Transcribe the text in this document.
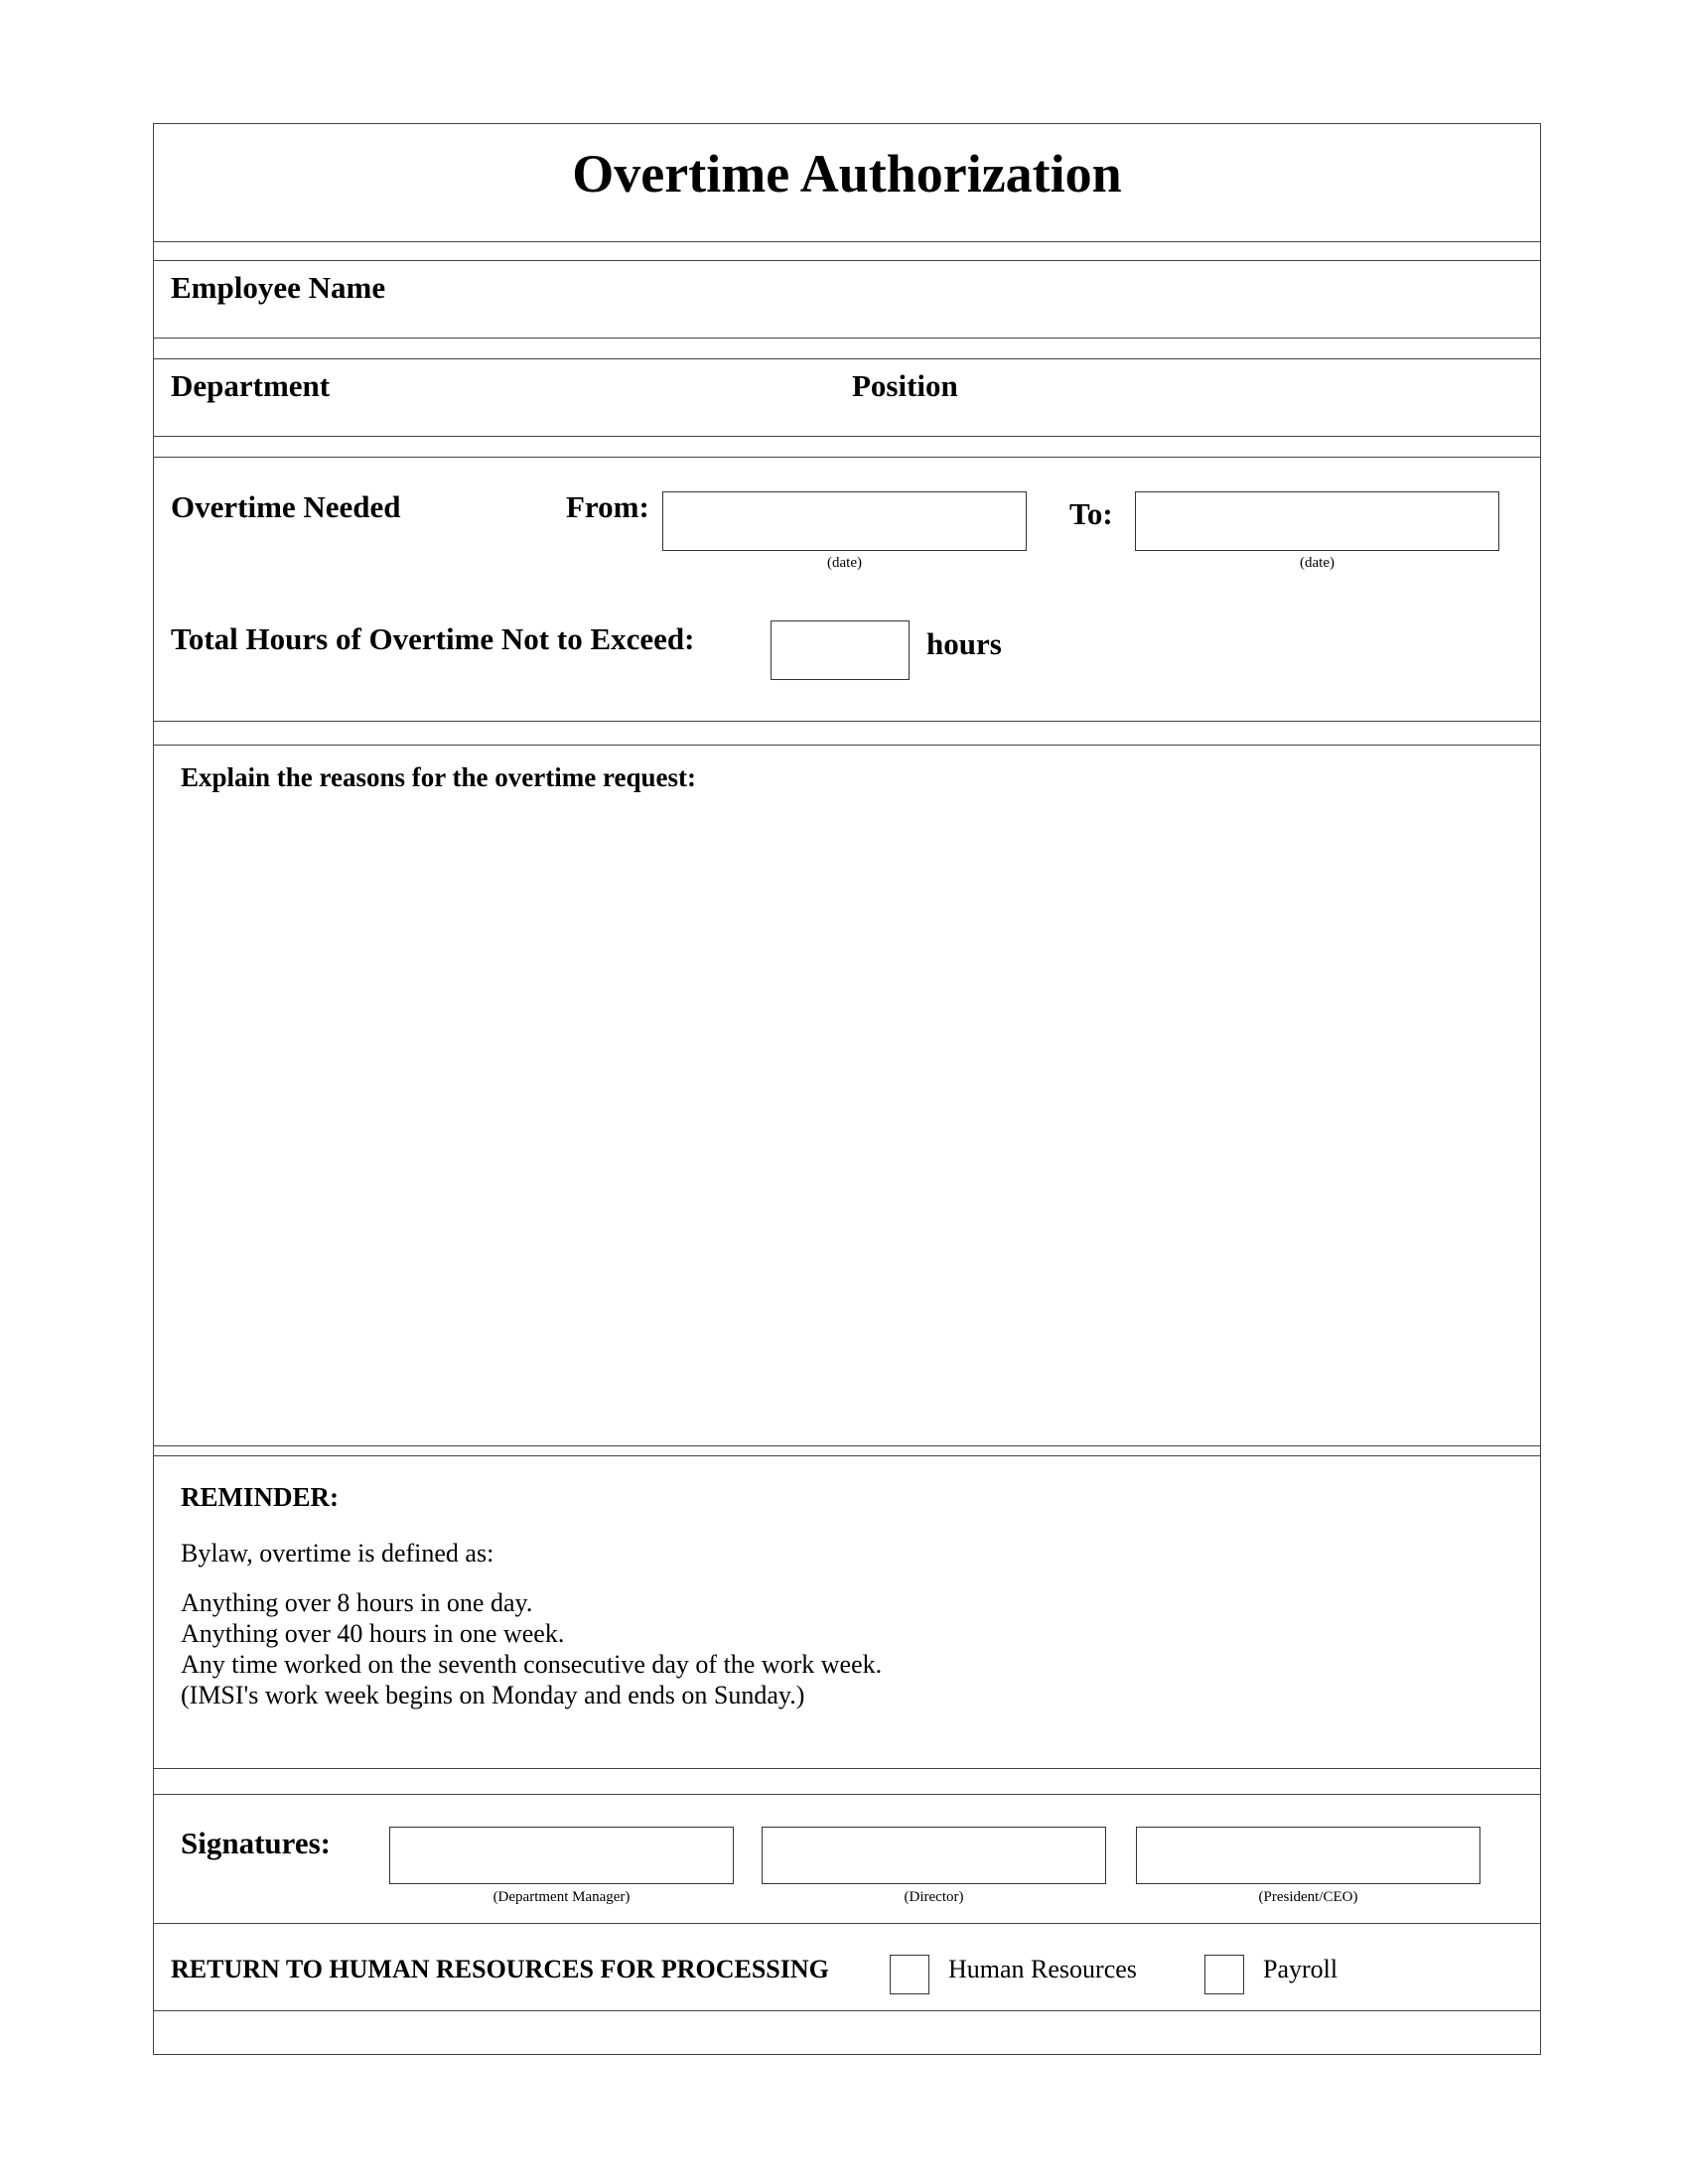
Overtime Authorization
Employee Name
Department	Position
Overtime Needed	From:
(date)
To:
(date)
Total Hours of Overtime Not to Exceed:	hours
Explain the reasons for the overtime request:
REMINDER:
Bylaw, overtime is defined as:
Anything over 8 hours in one day.
Anything over 40 hours in one week.
Any time worked on the seventh consecutive day of the work week.
(IMSI's work week begins on Monday and ends on Sunday.)
Signatures:
(Department Manager)	(Director)	(President/CEO)
RETURN TO HUMAN RESOURCES FOR PROCESSING	Human Resources	Payroll
